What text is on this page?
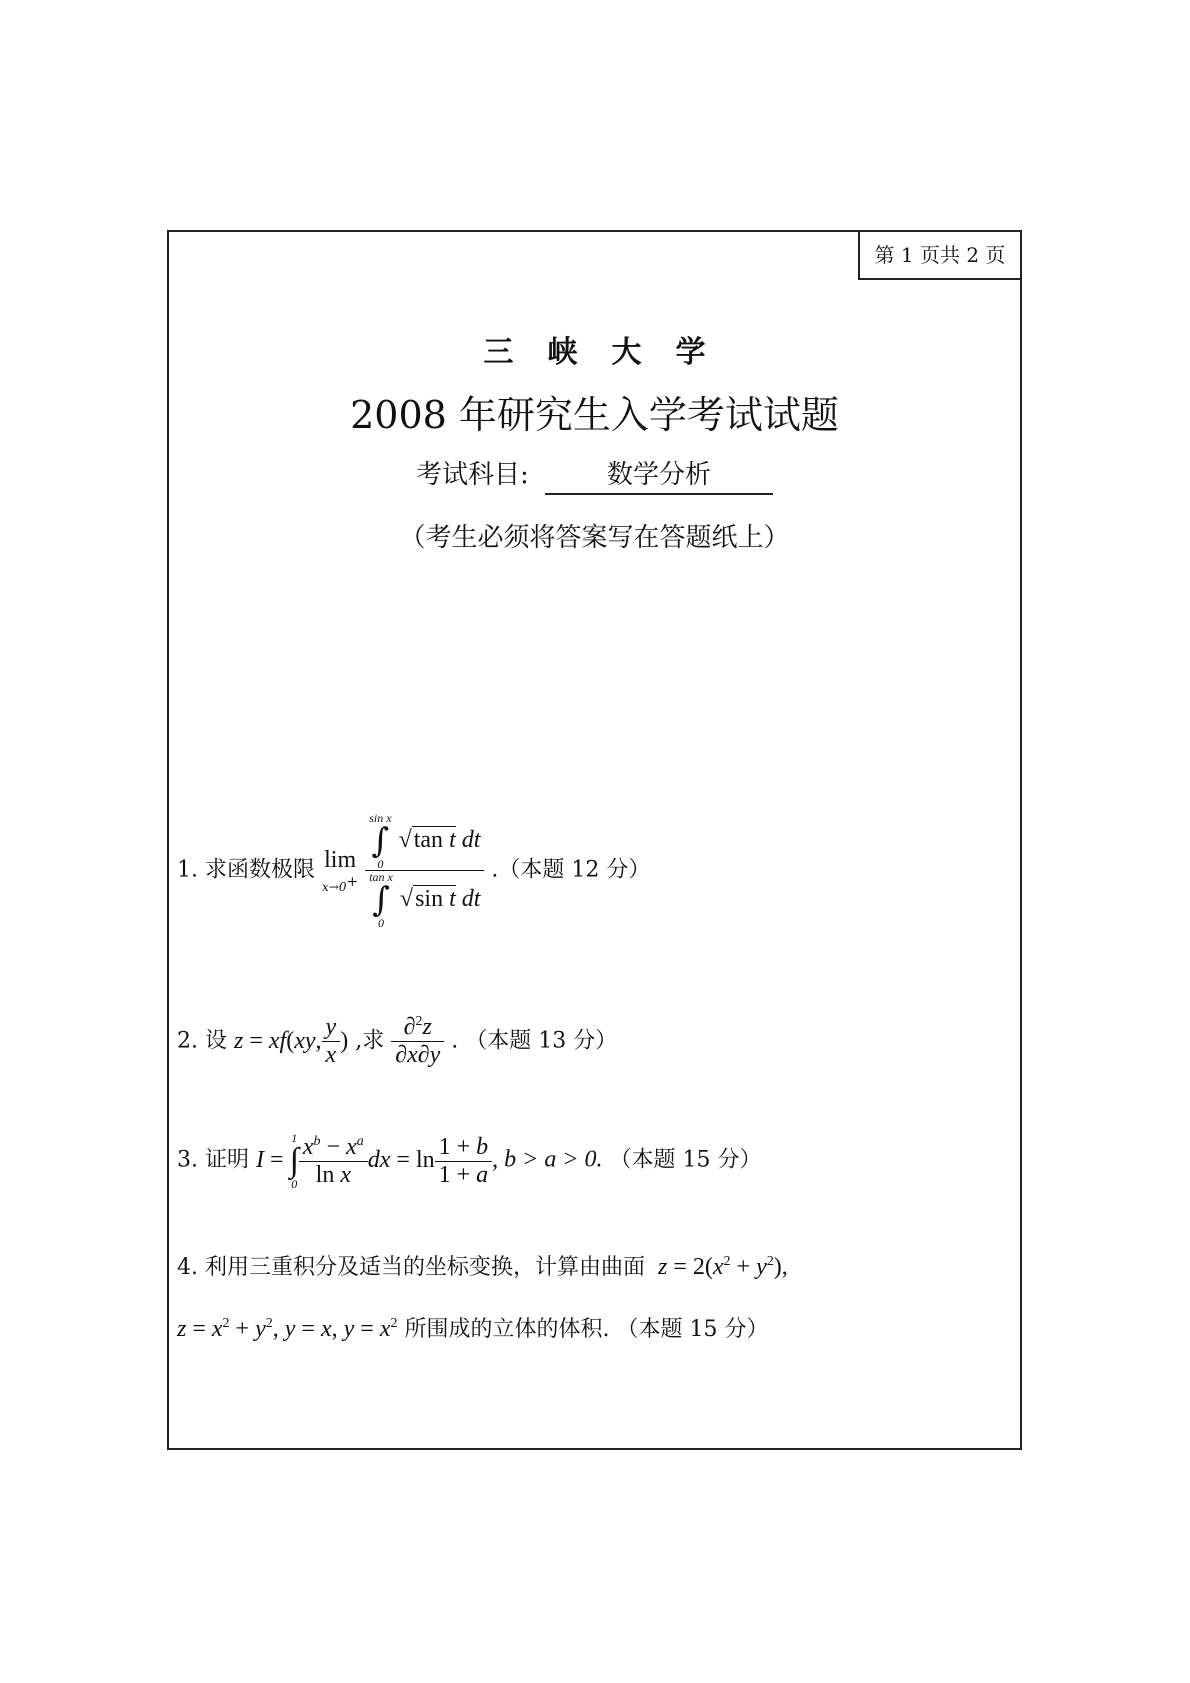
第 1 页共 2 页
三峡大学
2008 年研究生入学考试试题
考试科目:	数学分析
（考生必须将答案写在答题纸上）
1. 求函数极限 lim
x→0+
sin x
∫
0
√tan t dt
tan x
∫
0
√sin t dt .（本题 12 分）
2. 设 z = xf(xy, $\frac{y}{x}$ ) ,求 $\frac{\partial^2z}{\partial x\partial y}$ . （本题 13 分）
3. 证明 I =
1
∫
$0 \frac{x^b - x^a}{\text{ln x}}$ dx = $\ln \frac{1 + b}{1 + a}$ , b > a > 0. （本题 15 分）
4. 利用三重积分及适当的坐标变换，计算由曲面 $z = 2(x^2 + y^2)$,
$z = x^2 + y^2$, y = x, $y = x^2$ 所围成的立体的体积. （本题 15 分）
